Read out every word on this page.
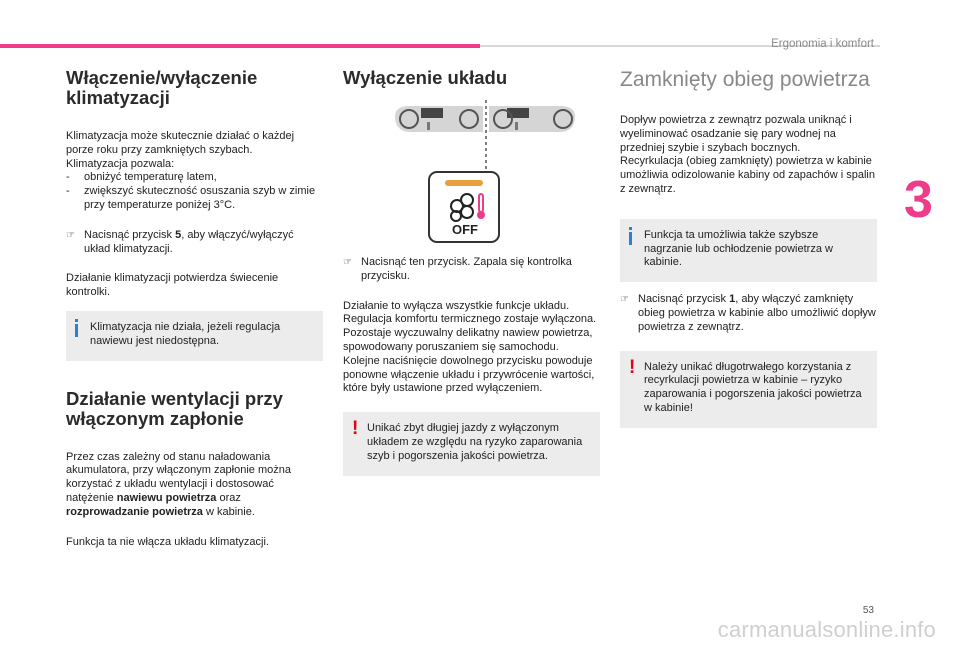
Ergonomia i komfort
3
53
carmanualsonline.info
Włączenie/wyłączenie klimatyzacji

Klimatyzacja może skutecznie działać o każdej porze roku przy zamkniętych szybach.

Klimatyzacja pozwala:

-	obniżyć temperaturę latem,
-	zwiększyć skuteczność osuszania szyb w zimie przy temperaturze poniżej 3°C.
☞ Nacisnąć przycisk 5, aby włączyć/wyłączyć układ klimatyzacji.

Działanie klimatyzacji potwierdza świecenie kontrolki.

Klimatyzacja nie działa, jeżeli regulacja nawiewu jest niedostępna.

Działanie wentylacji przy włączonym zapłonie

Przez czas zależny od stanu naładowania akumulatora, przy włączonym zapłonie można korzystać z układu wentylacji i dostosować natężenie nawiewu powietrza oraz rozprowadzanie powietrza w kabinie.

Funkcja ta nie włącza układu klimatyzacji.

Wyłączenie układu
OFF
☞ Nacisnąć ten przycisk. Zapala się kontrolka przycisku.

Działanie to wyłącza wszystkie funkcje układu. Regulacja komfortu termicznego zostaje wyłączona. Pozostaje wyczuwalny delikatny nawiew powietrza, spowodowany poruszaniem się samochodu.

Kolejne naciśnięcie dowolnego przycisku powoduje ponowne włączenie układu i przywrócenie wartości, które były ustawione przed wyłączeniem.

! Unikać zbyt długiej jazdy z wyłączonym układem ze względu na ryzyko zaparowania szyb i pogorszenia jakości powietrza.

Zamknięty obieg powietrza

Dopływ powietrza z zewnątrz pozwala uniknąć i wyeliminować osadzanie się pary wodnej na przedniej szybie i szybach bocznych.

Recyrkulacja (obieg zamknięty) powietrza w kabinie umożliwia odizolowanie kabiny od zapachów i spalin z zewnątrz.

Funkcja ta umożliwia także szybsze nagrzanie lub ochłodzenie powietrza w kabinie.

☞ Nacisnąć przycisk 1, aby włączyć zamknięty obieg powietrza w kabinie albo umożliwić dopływ powietrza z zewnątrz.
! Należy unikać długotrwałego korzystania z recyrkulacji powietrza w kabinie – ryzyko zaparowania i pogorszenia jakości powietrza w kabinie!
